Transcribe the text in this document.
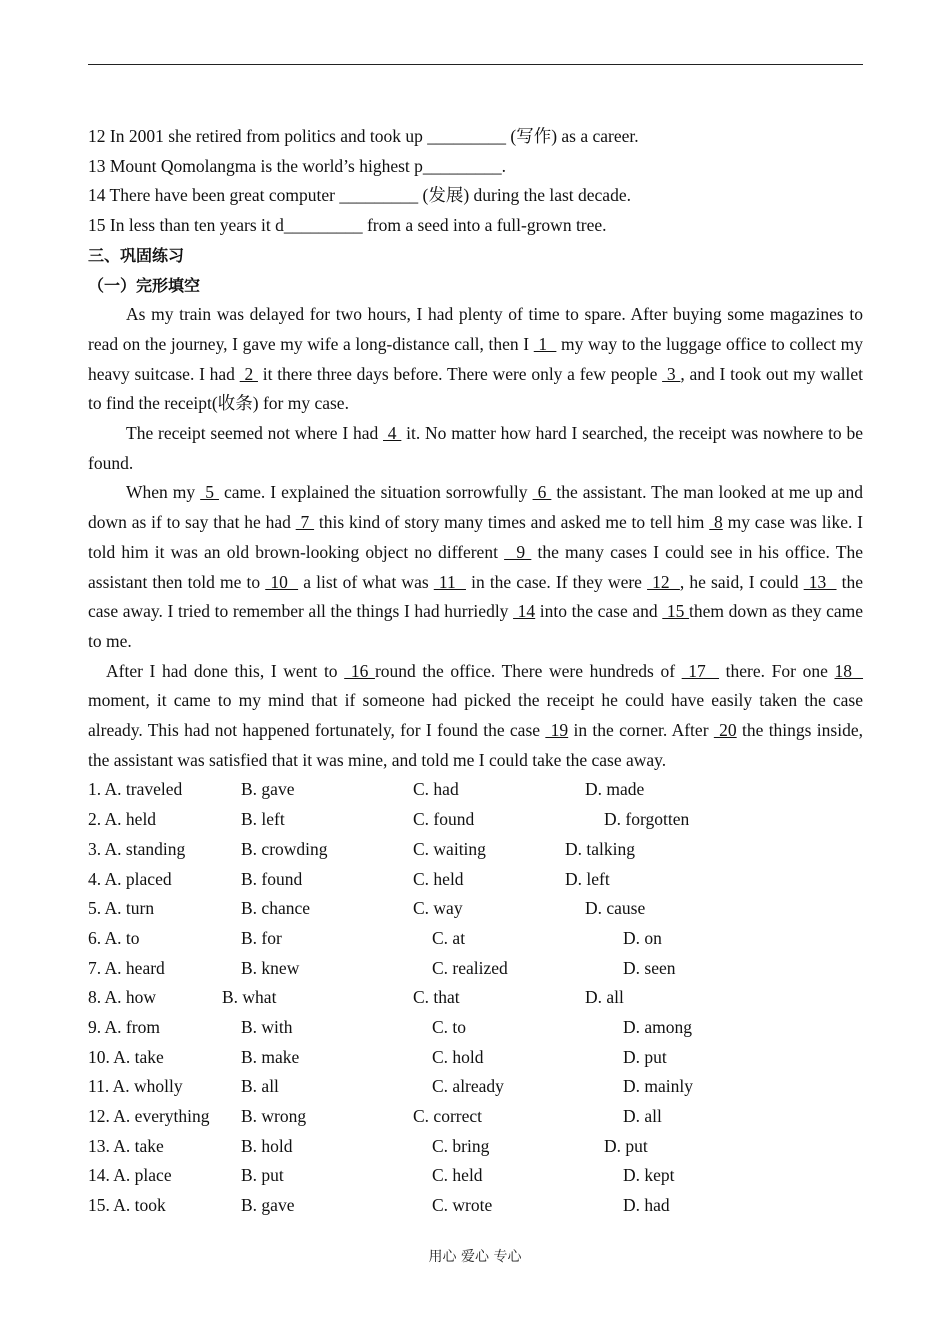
12 In 2001 she retired from politics and took up _________ (写作) as a career.
13 Mount Qomolangma is the world’s highest p_________.
14 There have been great computer _________ (发展) during the last decade.
15 In less than ten years it d_________ from a seed into a full-grown tree.
三、巩固练习
（一）完形填空
As my train was delayed for two hours, I had plenty of time to spare. After buying some magazines to read on the journey, I gave my wife a long-distance call, then I  1   my way to the luggage office to collect my heavy suitcase. I had  2  it there three days before. There were only a few people  3 , and I took out my wallet to find the receipt(收条) for my case.
The receipt seemed not where I had  4  it. No matter how hard I searched, the receipt was nowhere to be found.
When my  5  came. I explained the situation sorrowfully  6  the assistant. The man looked at me up and down as if to say that he had  7  this kind of story many times and asked me to tell him  8 my case was like. I told him it was an old brown-looking object no different   9  the many cases I could see in his office. The assistant then told me to  10   a list of what was  11   in the case. If they were  12  , he said, I could  13   the case away. I tried to remember all the things I had hurriedly  14 into the case and  15 them down as they came to me.
After I had done this, I went to  16 round the office. There were hundreds of  17   there. For one 18   moment, it came to my mind that if someone had picked the receipt he could have easily taken the case already. This had not happened fortunately, for I found the case  19 in the corner. After  20 the things inside, the assistant was satisfied that it was mine, and told me I could take the case away.
1. A. traveled	B. gave	C. had	D. made
2. A. held	B. left	C. found	D. forgotten
3. A. standing	B. crowding	C. waiting	D. talking
4. A. placed	B. found	C. held	D. left
5. A. turn	B. chance	C. way	D. cause
6. A. to	B. for	C. at	D. on
7. A. heard	B. knew	C. realized	D. seen
8. A. how	B. what	C. that	D. all
9. A. from	B. with	C. to	D. among
10. A. take	B. make	C. hold	D. put
11. A. wholly	B. all	C. already	D. mainly
12. A. everything B. wrong	C. correct	D. all
13. A. take	B. hold	C. bring	D. put
14. A. place	B. put	C. held	D. kept
15. A. took	B. gave	C. wrote	D. had
用心 爱心 专心
